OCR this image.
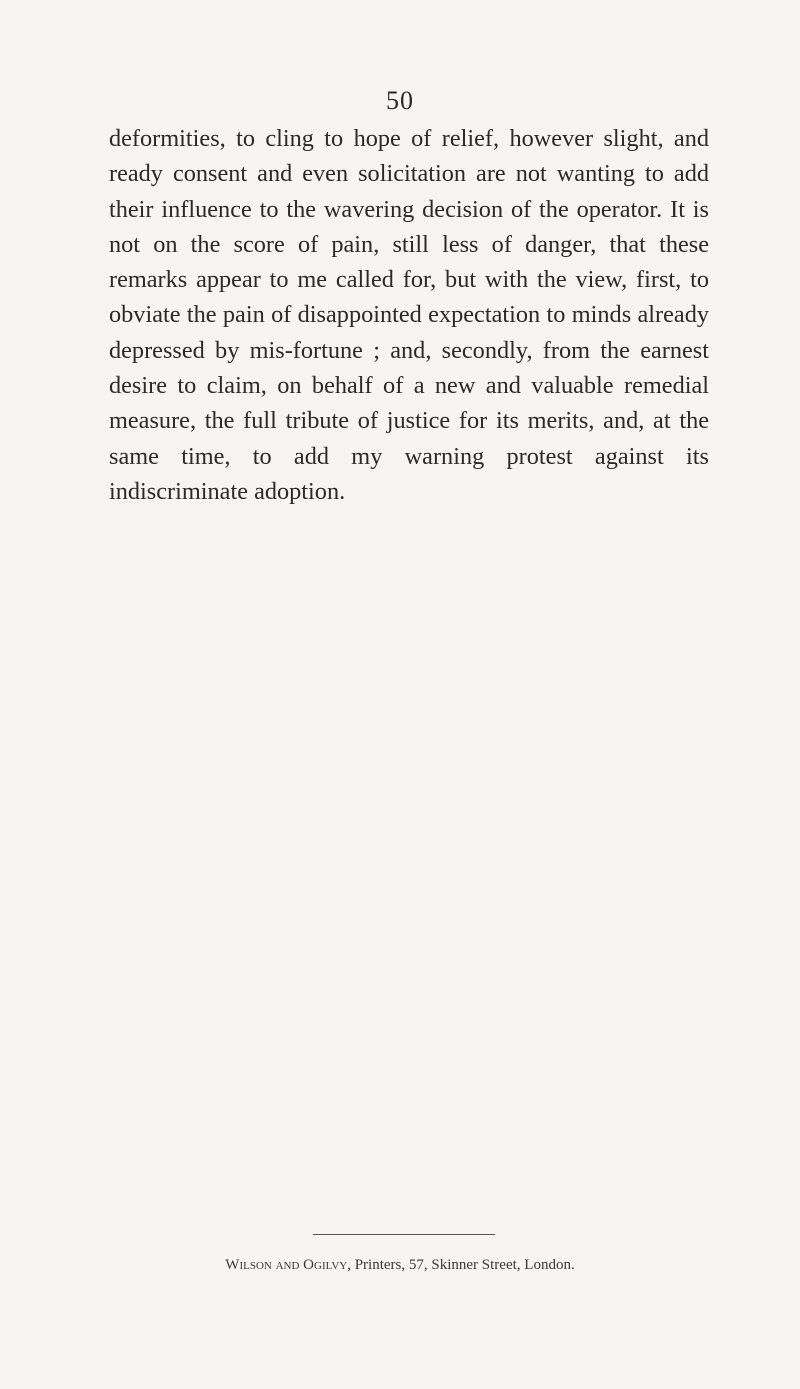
50

deformities, to cling to hope of relief, however slight, and ready consent and even solicitation are not wanting to add their influence to the wavering decision of the operator. It is not on the score of pain, still less of danger, that these remarks appear to me called for, but with the view, first, to obviate the pain of disappointed expectation to minds already depressed by mis-fortune ; and, secondly, from the earnest desire to claim, on behalf of a new and valuable remedial measure, the full tribute of justice for its merits, and, at the same time, to add my warning protest against its indiscriminate adoption.

Wilson and Ogilvy, Printers, 57, Skinner Street, London.
